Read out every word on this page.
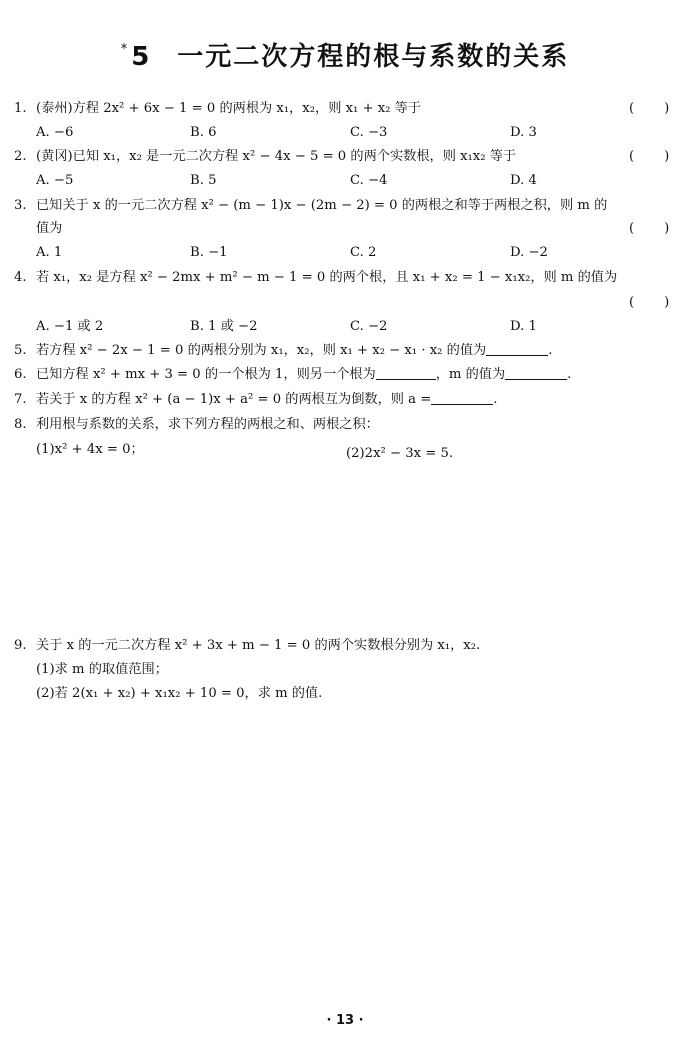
*5 一元二次方程的根与系数的关系
1. (泰州)方程 2x² + 6x − 1 = 0 的两根为 x₁，x₂，则 x₁ + x₂ 等于	( )
A. −6	B. 6	C. −3	D. 3
2. (黄冈)已知 x₁，x₂ 是一元二次方程 x² − 4x − 5 = 0 的两个实数根，则 x₁x₂ 等于	( )
A. −5	B. 5	C. −4	D. 4
3. 已知关于 x 的一元二次方程 x² − (m − 1)x − (2m − 2) = 0 的两根之和等于两根之积，则 m 的
值为	( )
A. 1	B. −1	C. 2	D. −2
4. 若 x₁，x₂ 是方程 x² − 2mx + m² − m − 1 = 0 的两个根，且 x₁ + x₂ = 1 − x₁x₂，则 m 的值为
( )
A. −1 或 2	B. 1 或 −2	C. −2	D. 1
5. 若方程 x² − 2x − 1 = 0 的两根分别为 x₁，x₂，则 x₁ + x₂ − x₁ · x₂ 的值为	.
6. 已知方程 x² + mx + 3 = 0 的一个根为 1，则另一个根为	，m 的值为	.
7. 若关于 x 的方程 x² + (a − 1)x + a² = 0 的两根互为倒数，则 a =	.
8. 利用根与系数的关系，求下列方程的两根之和、两根之积：
(1)x² + 4x = 0；	(2)2x² − 3x = 5.
9. 关于 x 的一元二次方程 x² + 3x + m − 1 = 0 的两个实数根分别为 x₁，x₂.
(1)求 m 的取值范围；
(2)若 2(x₁ + x₂) + x₁x₂ + 10 = 0，求 m 的值.
· 13 ·
